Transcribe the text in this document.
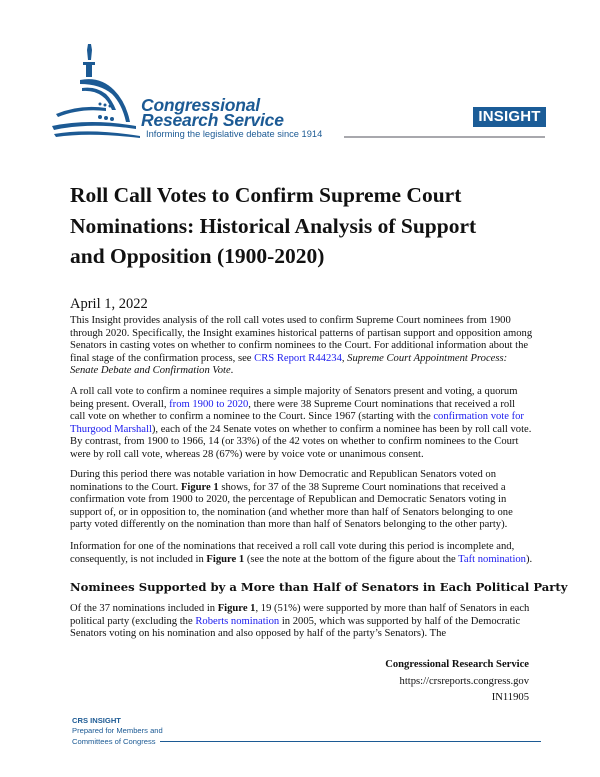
Congressional
Research Service
Informing the legislative debate since 1914
INSIGHT
Roll Call Votes to Confirm Supreme Court
Nominations: Historical Analysis of Support
and Opposition (1900-2020)
April 1, 2022

This Insight provides analysis of the roll call votes used to confirm Supreme Court nominees from 1900 through 2020. Specifically, the Insight examines historical patterns of partisan support and opposition among Senators in casting votes on whether to confirm nominees to the Court. For additional information about the final stage of the confirmation process, see CRS Report R44234, Supreme Court Appointment Process: Senate Debate and Confirmation Vote.

A roll call vote to confirm a nominee requires a simple majority of Senators present and voting, a quorum being present. Overall, from 1900 to 2020, there were 38 Supreme Court nominations that received a roll call vote on whether to confirm a nominee to the Court. Since 1967 (starting with the confirmation vote for Thurgood Marshall), each of the 24 Senate votes on whether to confirm a nominee has been by roll call vote. By contrast, from 1900 to 1966, 14 (or 33%) of the 42 votes on whether to confirm nominees to the Court were by roll call vote, whereas 28 (67%) were by voice vote or unanimous consent.

During this period there was notable variation in how Democratic and Republican Senators voted on nominations to the Court. Figure 1 shows, for 37 of the 38 Supreme Court nominations that received a confirmation vote from 1900 to 2020, the percentage of Republican and Democratic Senators voting in support of, or in opposition to, the nomination (and whether more than half of Senators belonging to one party voted differently on the nomination than more than half of Senators belonging to the other party).

Information for one of the nominations that received a roll call vote during this period is incomplete and, consequently, is not included in Figure 1 (see the note at the bottom of the figure about the Taft nomination).

Nominees Supported by a More than Half of Senators in Each Political Party

Of the 37 nominations included in Figure 1, 19 (51%) were supported by more than half of Senators in each political party (excluding the Roberts nomination in 2005, which was supported by half of the Democratic Senators voting on his nomination and also opposed by half of the party’s Senators). The

Congressional Research Service
https://crsreports.congress.gov
IN11905
CRS INSIGHT
Prepared for Members and
Committees of Congress
